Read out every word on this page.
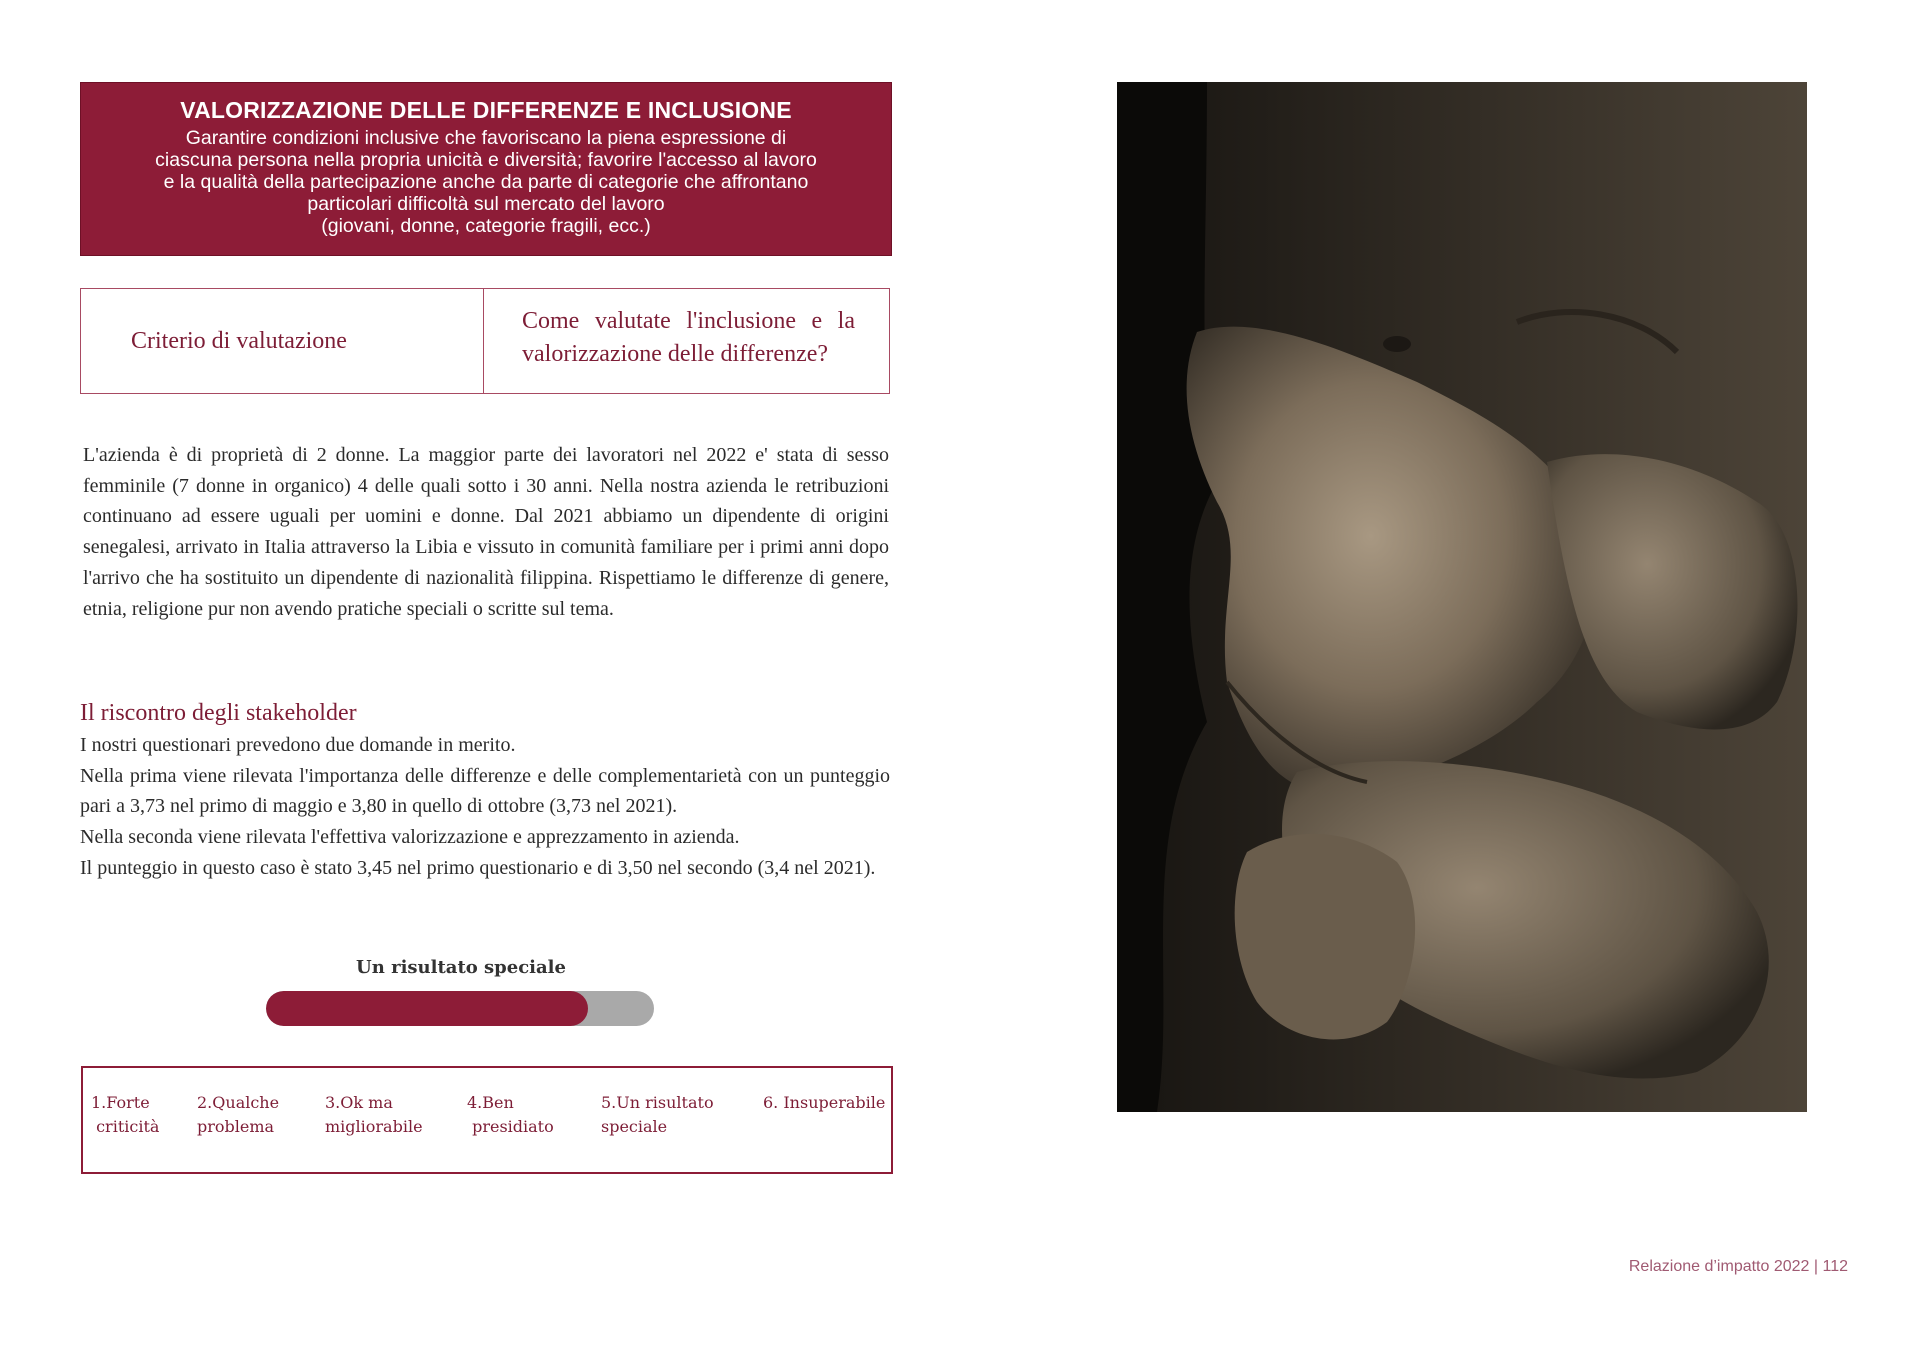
VALORIZZAZIONE DELLE DIFFERENZE E INCLUSIONE
Garantire condizioni inclusive che favoriscano la piena espressione di
ciascuna persona nella propria unicità e diversità; favorire l'accesso al lavoro
e la qualità della partecipazione anche da parte di categorie che affrontano
particolari difficoltà sul mercato del lavoro
(giovani, donne, categorie fragili, ecc.)
Criterio di valutazione
Come valutate l'inclusione e la valorizzazione delle differenze?
L'azienda è di proprietà di 2 donne. La maggior parte dei lavoratori nel 2022 e' stata di sesso femminile (7 donne in organico) 4 delle quali sotto i 30 anni. Nella nostra azienda le retribuzioni continuano ad essere uguali per uomini e donne. Dal 2021 abbiamo un dipendente di origini senegalesi, arrivato in Italia attraverso la Libia e vissuto in comunità familiare per i primi anni dopo l'arrivo che ha sostituito un dipendente di nazionalità filippina. Rispettiamo le differenze di genere, etnia, religione pur non avendo pratiche speciali o scritte sul tema.
Il riscontro degli stakeholder

I nostri questionari prevedono due domande in merito.

Nella prima viene rilevata l'importanza delle differenze e delle complementarietà con un punteggio pari a 3,73 nel primo di maggio e 3,80 in quello di ottobre (3,73 nel 2021).

Nella seconda viene rilevata l'effettiva valorizzazione e apprezzamento in azienda.

Il punteggio in questo caso è stato 3,45 nel primo questionario e di 3,50 nel secondo (3,4 nel 2021).

Un risultato speciale
1.Forte
criticità
2.Qualche
problema
3.Ok ma
migliorabile
4.Ben
presidiato
5.Un risultato
speciale
6. Insuperabile
Relazione d’impatto 2022 | 112
